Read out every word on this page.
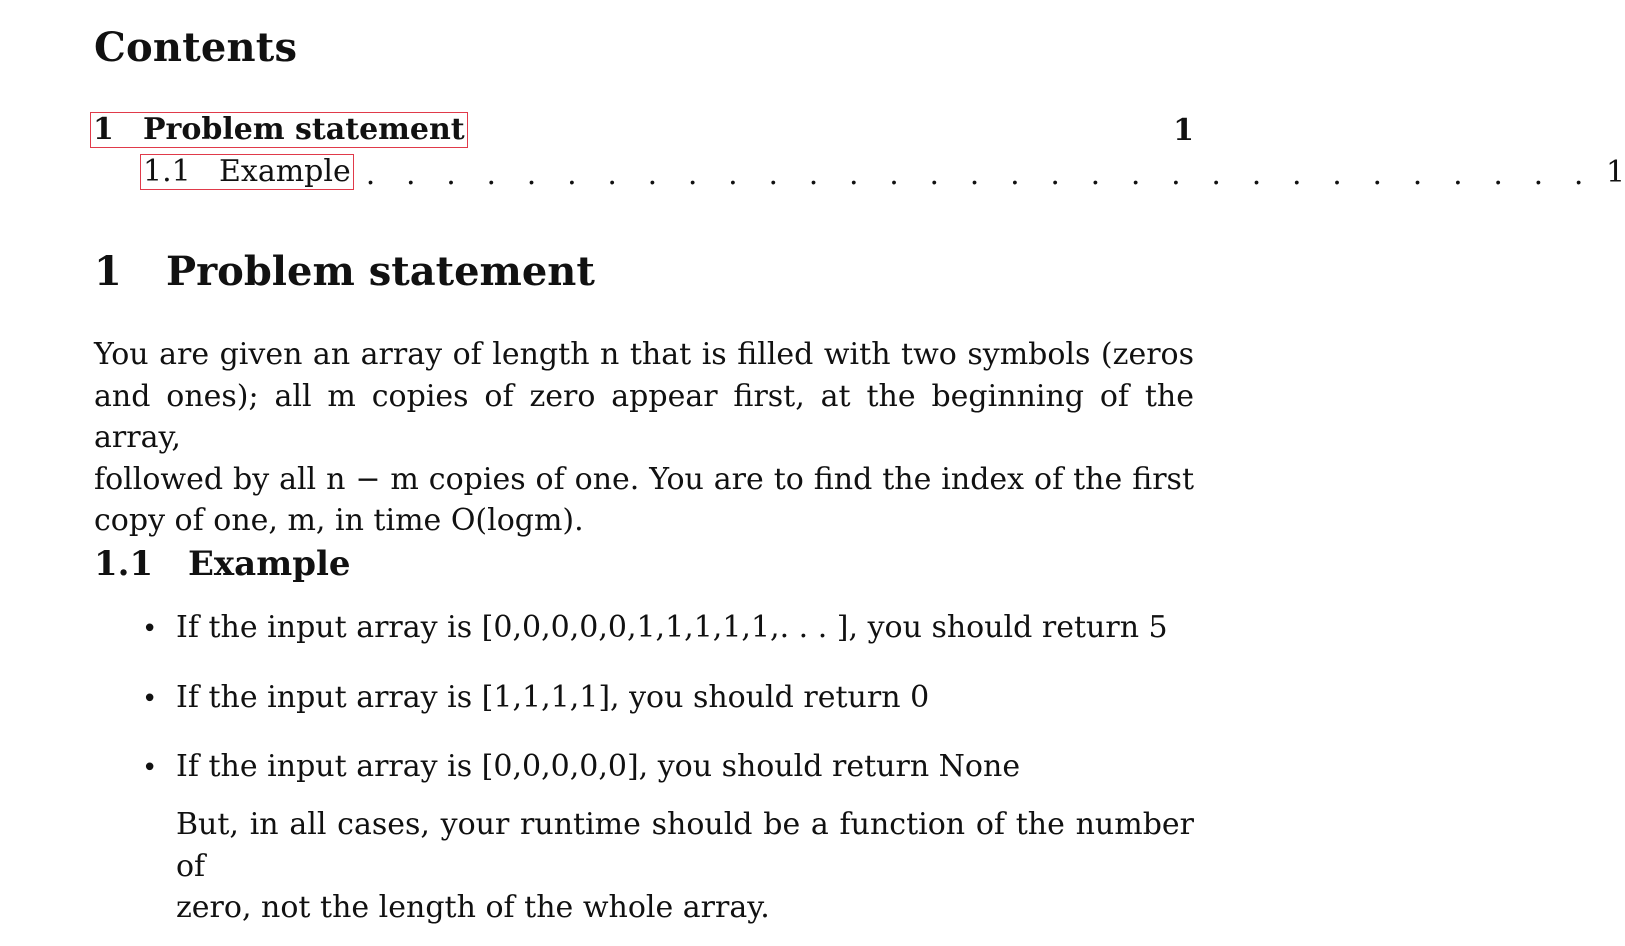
Contents
1 Problem statement	1
1.1 Example . . . . . . . . . . . . . . . . . . . . . . . . . . . . . . . 1
1 Problem statement
You are given an array of length n that is filled with two symbols (zeros
and ones); all m copies of zero appear first, at the beginning of the array,
followed by all n − m copies of one. You are to find the index of the first
copy of one, m, in time O(logm).
1.1 Example
• If the input array is [0,0,0,0,0,1,1,1,1,1,. . . ], you should return 5
• If the input array is [1,1,1,1], you should return 0
• If the input array is [0,0,0,0,0], you should return None
But, in all cases, your runtime should be a function of the number of
zero, not the length of the whole array.
